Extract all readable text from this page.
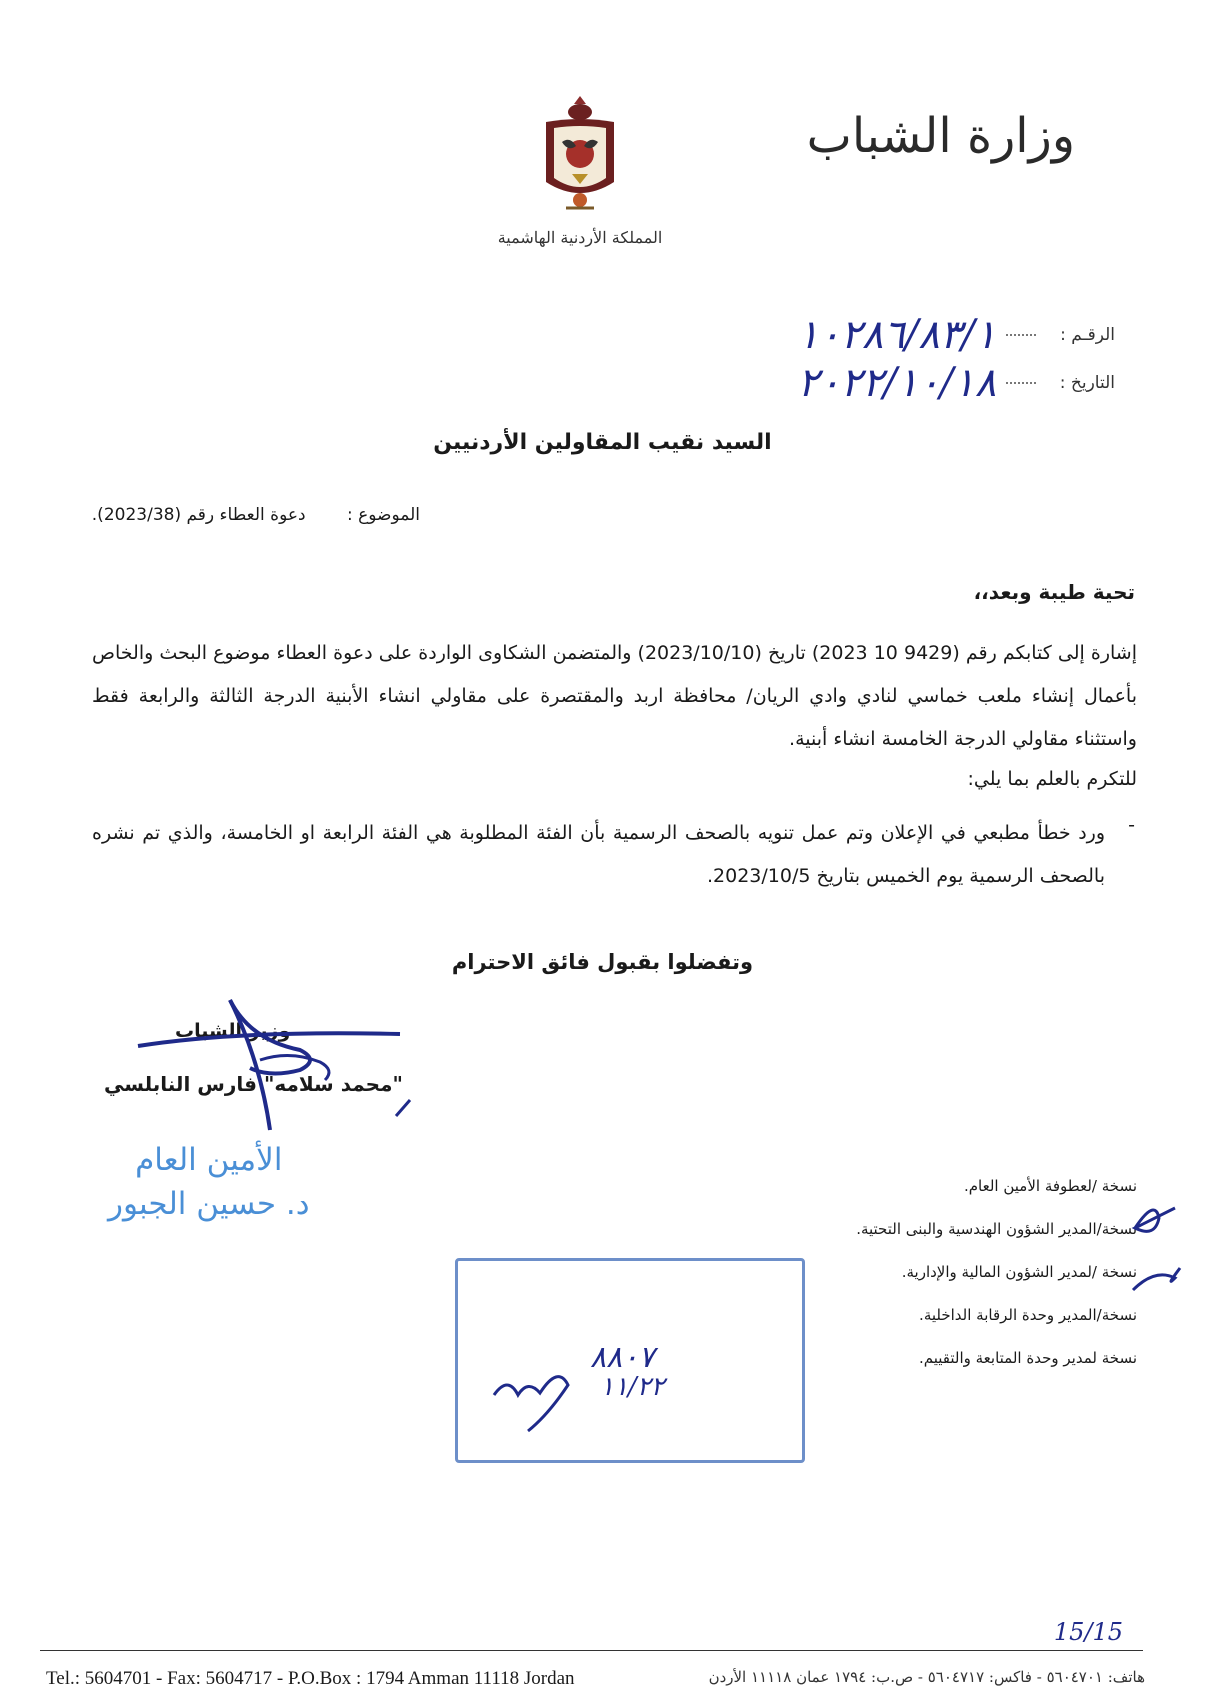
وزارة الشباب
المملكة الأردنية الهاشمية
الرقـم :  ١٠٢٨٦/٨٣/١
التاريخ :  ٢٠٢٢/١٠/١٨
السيد نقيب المقاولين الأردنيين
الموضوع : دعوة العطاء رقم (2023/38).
تحية طيبة وبعد،،
إشارة إلى كتابكم رقم (9429 10 2023) تاريخ (2023/10/10) والمتضمن الشكاوى الواردة على دعوة العطاء موضوع البحث والخاص بأعمال إنشاء ملعب خماسي لنادي وادي الريان/ محافظة اربد والمقتصرة على مقاولي انشاء الأبنية الدرجة الثالثة والرابعة فقط واستثناء مقاولي الدرجة الخامسة انشاء أبنية.
للتكرم بالعلم بما يلي:
-
ورد خطأ مطبعي في الإعلان وتم عمل تنويه بالصحف الرسمية بأن الفئة المطلوبة هي الفئة الرابعة او الخامسة، والذي تم نشره بالصحف الرسمية يوم الخميس بتاريخ 2023/10/5.
وتفضلوا بقبول فائق الاحترام
وزير الشباب
"محمد سلامه" فارس النابلسي
الأمين العام
د. حسين الجبور	نسخة /لعطوفة الأمين العام.
نسخة/المدير الشؤون الهندسية والبنى التحتية.
نسخة /لمدير الشؤون المالية والإدارية.
نسخة/المدير وحدة الرقابة الداخلية.
نسخة لمدير وحدة المتابعة والتقييم.
٨٨٠٧
١١/٢٢
15/15
Tel.: 5604701 - Fax: 5604717 - P.O.Box : 1794 Amman 11118 Jordan	هاتف: ٥٦٠٤٧٠١ - فاكس: ٥٦٠٤٧١٧ - ص.ب: ١٧٩٤ عمان ١١١١٨ الأردن
